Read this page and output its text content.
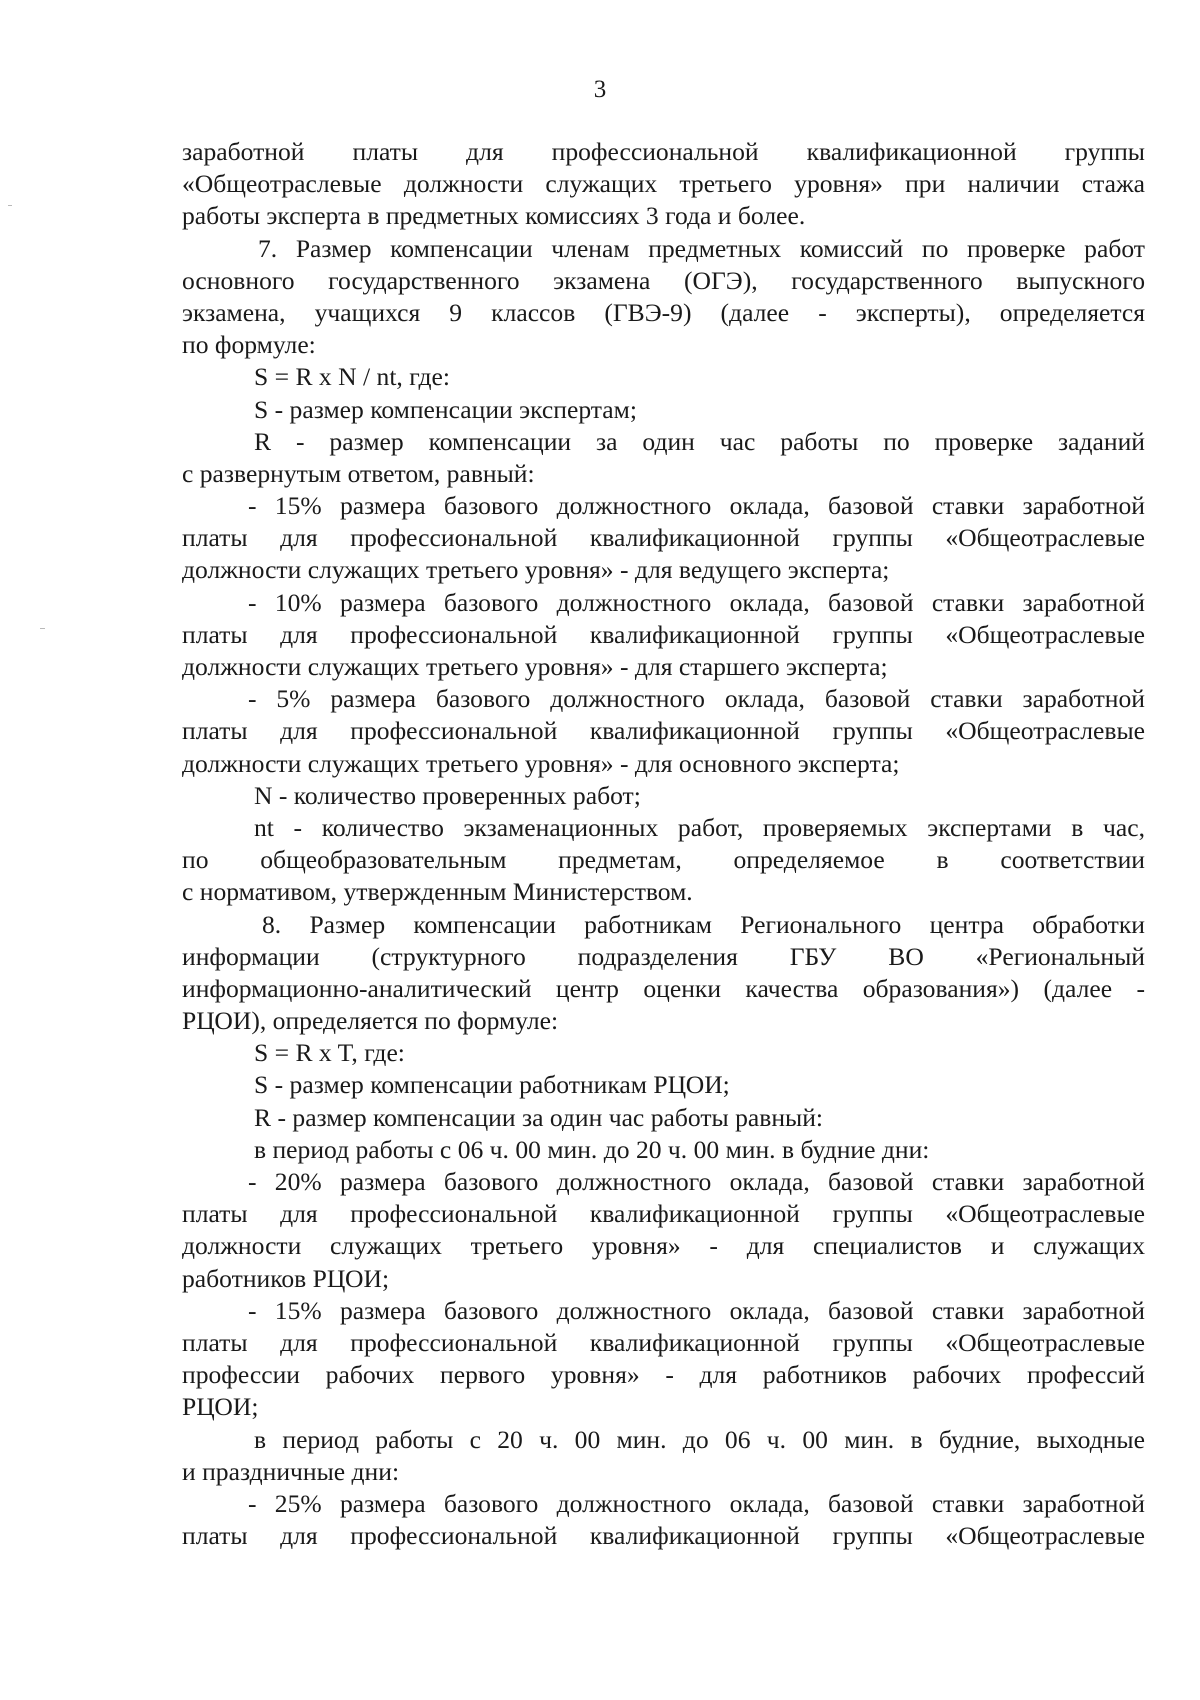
3
заработной платы для профессиональной квалификационной группы
«Общеотраслевые должности служащих третьего уровня» при наличии стажа
работы эксперта в предметных комиссиях 3 года и более.
7. Размер компенсации членам предметных комиссий по проверке работ
основного государственного экзамена (ОГЭ), государственного выпускного
экзамена, учащихся 9 классов (ГВЭ-9) (далее - эксперты), определяется
по формуле:
S = R x N / nt, где:
S - размер компенсации экспертам;
R - размер компенсации за один час работы по проверке заданий
с развернутым ответом, равный:
- 15% размера базового должностного оклада, базовой ставки заработной
платы для профессиональной квалификационной группы «Общеотраслевые
должности служащих третьего уровня» - для ведущего эксперта;
- 10% размера базового должностного оклада, базовой ставки заработной
платы для профессиональной квалификационной группы «Общеотраслевые
должности служащих третьего уровня» - для старшего эксперта;
- 5% размера базового должностного оклада, базовой ставки заработной
платы для профессиональной квалификационной группы «Общеотраслевые
должности служащих третьего уровня» - для основного эксперта;
N - количество проверенных работ;
nt - количество экзаменационных работ, проверяемых экспертами в час,
по общеобразовательным предметам, определяемое в соответствии
с нормативом, утвержденным Министерством.
8. Размер компенсации работникам Регионального центра обработки
информации (структурного подразделения ГБУ ВО «Региональный
информационно-аналитический центр оценки качества образования») (далее -
РЦОИ), определяется по формуле:
S = R x T, где:
S - размер компенсации работникам РЦОИ;
R - размер компенсации за один час работы равный:
в период работы с 06 ч. 00 мин. до 20 ч. 00 мин. в будние дни:
- 20% размера базового должностного оклада, базовой ставки заработной
платы для профессиональной квалификационной группы «Общеотраслевые
должности служащих третьего уровня» - для специалистов и служащих
работников РЦОИ;
- 15% размера базового должностного оклада, базовой ставки заработной
платы для профессиональной квалификационной группы «Общеотраслевые
профессии рабочих первого уровня» - для работников рабочих профессий
РЦОИ;
в период работы с 20 ч. 00 мин. до 06 ч. 00 мин. в будние, выходные
и праздничные дни:
- 25% размера базового должностного оклада, базовой ставки заработной
платы для профессиональной квалификационной группы «Общеотраслевые
